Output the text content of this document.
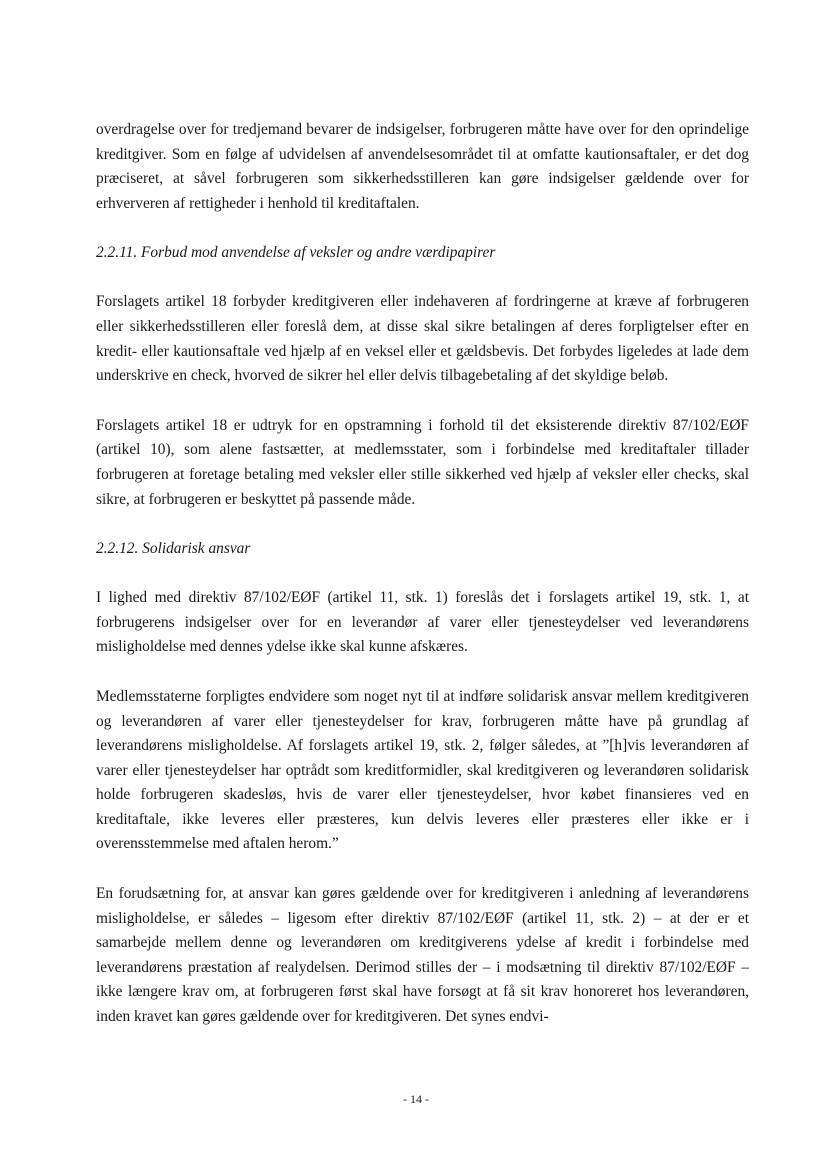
overdragelse over for tredjemand bevarer de indsigelser, forbrugeren måtte have over for den oprindelige kreditgiver. Som en følge af udvidelsen af anvendelsesområdet til at omfatte kautionsaftaler, er det dog præciseret, at såvel forbrugeren som sikkerhedsstilleren kan gøre indsigelser gældende over for erhververen af rettigheder i henhold til kreditaftalen.

2.2.11. Forbud mod anvendelse af veksler og andre værdipapirer

Forslagets artikel 18 forbyder kreditgiveren eller indehaveren af fordringerne at kræve af forbrugeren eller sikkerhedsstilleren eller foreslå dem, at disse skal sikre betalingen af deres forpligtelser efter en kredit- eller kautionsaftale ved hjælp af en veksel eller et gældsbevis. Det forbydes ligeledes at lade dem underskrive en check, hvorved de sikrer hel eller delvis tilbagebetaling af det skyldige beløb.

Forslagets artikel 18 er udtryk for en opstramning i forhold til det eksisterende direktiv 87/102/EØF (artikel 10), som alene fastsætter, at medlemsstater, som i forbindelse med kreditaftaler tillader forbrugeren at foretage betaling med veksler eller stille sikkerhed ved hjælp af veksler eller checks, skal sikre, at forbrugeren er beskyttet på passende måde.

2.2.12. Solidarisk ansvar

I lighed med direktiv 87/102/EØF (artikel 11, stk. 1) foreslås det i forslagets artikel 19, stk. 1, at forbrugerens indsigelser over for en leverandør af varer eller tjenesteydelser ved leverandørens misligholdelse med dennes ydelse ikke skal kunne afskæres.

Medlemsstaterne forpligtes endvidere som noget nyt til at indføre solidarisk ansvar mellem kreditgiveren og leverandøren af varer eller tjenesteydelser for krav, forbrugeren måtte have på grundlag af leverandørens misligholdelse. Af forslagets artikel 19, stk. 2, følger således, at ”[h]vis leverandøren af varer eller tjenesteydelser har optrådt som kreditformidler, skal kreditgiveren og leverandøren solidarisk holde forbrugeren skadesløs, hvis de varer eller tjenesteydelser, hvor købet finansieres ved en kreditaftale, ikke leveres eller præsteres, kun delvis leveres eller præsteres eller ikke er i overensstemmelse med aftalen herom.”

En forudsætning for, at ansvar kan gøres gældende over for kreditgiveren i anledning af leverandørens misligholdelse, er således – ligesom efter direktiv 87/102/EØF (artikel 11, stk. 2) – at der er et samarbejde mellem denne og leverandøren om kreditgiverens ydelse af kredit i forbindelse med leverandørens præstation af realydelsen. Derimod stilles der – i modsætning til direktiv 87/102/EØF – ikke længere krav om, at forbrugeren først skal have forsøgt at få sit krav honoreret hos leverandøren, inden kravet kan gøres gældende over for kreditgiveren. Det synes endvi-

- 14 -
